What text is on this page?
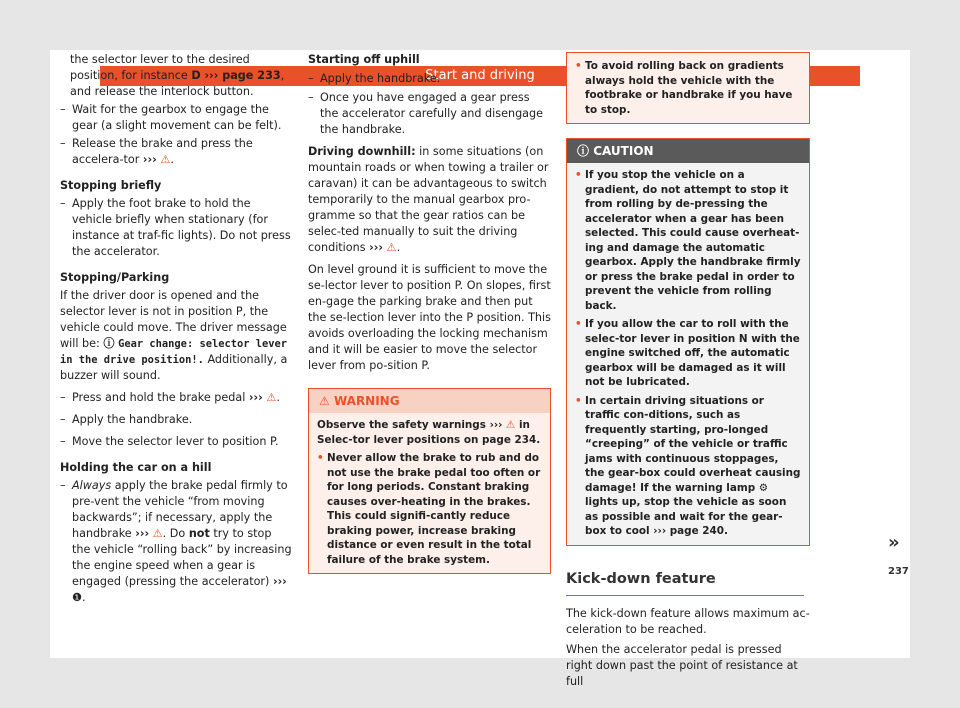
Start and driving

the selector lever to the desired position, for instance D ››› page 233, and release the interlock button.

– Wait for the gearbox to engage the gear (a slight movement can be felt).

– Release the brake and press the accelera-tor ››› ⚠.

Stopping briefly

– Apply the foot brake to hold the vehicle briefly when stationary (for instance at traf-fic lights). Do not press the accelerator.

Stopping/Parking

If the driver door is opened and the selector lever is not in position P, the vehicle could move. The driver message will be: ⓘ Gear change: selector lever in the drive position!. Additionally, a buzzer will sound.

– Press and hold the brake pedal ››› ⚠.

– Apply the handbrake.

– Move the selector lever to position P.

Holding the car on a hill

– Always apply the brake pedal firmly to pre-vent the vehicle “from moving backwards”; if necessary, apply the handbrake ››› ⚠. Do not try to stop the vehicle “rolling back” by increasing the engine speed when a gear is engaged (pressing the accelerator) ››› ❶.

Starting off uphill

– Apply the handbrake.

– Once you have engaged a gear press the accelerator carefully and disengage the handbrake.

Driving downhill: in some situations (on mountain roads or when towing a trailer or caravan) it can be advantageous to switch temporarily to the manual gearbox pro-gramme so that the gear ratios can be selec-ted manually to suit the driving conditions ››› ⚠.

On level ground it is sufficient to move the se-lector lever to position P. On slopes, first en-gage the parking brake and then put the se-lection lever into the P position. This avoids overloading the locking mechanism and it will be easier to move the selector lever from po-sition P.

⚠ WARNING

Observe the safety warnings ››› ⚠ in Selec-tor lever positions on page 234.

• Never allow the brake to rub and do not use the brake pedal too often or for long periods. Constant braking causes over-heating in the brakes. This could signifi-cantly reduce braking power, increase braking distance or even result in the total failure of the brake system.

• To avoid rolling back on gradients always hold the vehicle with the footbrake or handbrake if you have to stop.

ⓘ CAUTION

• If you stop the vehicle on a gradient, do not attempt to stop it from rolling by de-pressing the accelerator when a gear has been selected. This could cause overheat-ing and damage the automatic gearbox. Apply the handbrake firmly or press the brake pedal in order to prevent the vehicle from rolling back.

• If you allow the car to roll with the selec-tor lever in position N with the engine switched off, the automatic gearbox will be damaged as it will not be lubricated.

• In certain driving situations or traffic con-ditions, such as frequently starting, pro-longed “creeping” of the vehicle or traffic jams with continuous stoppages, the gear-box could overheat causing damage! If the warning lamp ⚙ lights up, stop the vehicle as soon as possible and wait for the gear-box to cool ››› page 240.

Kick-down feature

The kick-down feature allows maximum ac-celeration to be reached.

When the accelerator pedal is pressed right down past the point of resistance at full

»
237
